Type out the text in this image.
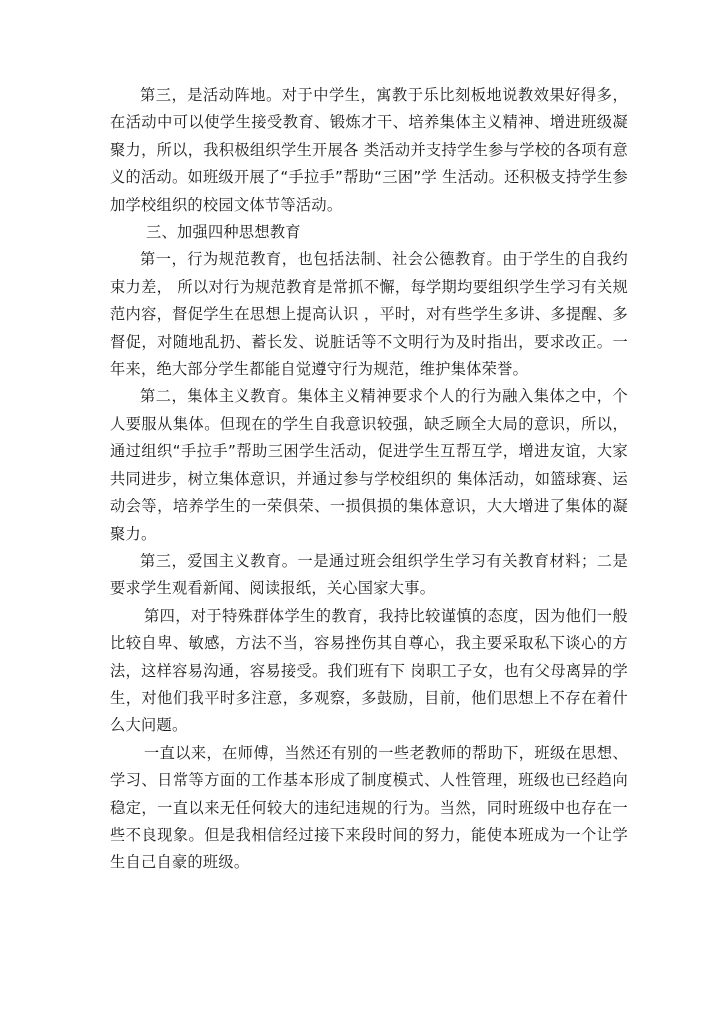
第三，是活动阵地。对于中学生，寓教于乐比刻板地说教效果好得多，在活动中可以使学生接受教育、锻炼才干、培养集体主义精神、增进班级凝聚力，所以，我积极组织学生开展各 类活动并支持学生参与学校的各项有意义的活动。如班级开展了“手拉手”帮助“三困”学 生活动。还积极支持学生参加学校组织的校园文体节等活动。

三、加强四种思想教育

第一，行为规范教育，也包括法制、社会公德教育。由于学生的自我约束力差， 所以对行为规范教育是常抓不懈，每学期均要组织学生学习有关规范内容，督促学生在思想上提高认识 ，平时，对有些学生多讲、多提醒、多督促，对随地乱扔、蓄长发、说脏话等不文明行为及时指出，要求改正。一年来，绝大部分学生都能自觉遵守行为规范，维护集体荣誉。

第二，集体主义教育。集体主义精神要求个人的行为融入集体之中，个人要服从集体。但现在的学生自我意识较强，缺乏顾全大局的意识，所以，通过组织“手拉手”帮助三困学生活动，促进学生互帮互学，增进友谊，大家共同进步，树立集体意识，并通过参与学校组织的 集体活动，如篮球赛、运动会等，培养学生的一荣俱荣、一损俱损的集体意识，大大增进了集体的凝聚力。

第三，爱国主义教育。一是通过班会组织学生学习有关教育材料；二是要求学生观看新闻、阅读报纸，关心国家大事。

第四，对于特殊群体学生的教育，我持比较谨慎的态度，因为他们一般比较自卑、敏感，方法不当，容易挫伤其自尊心，我主要采取私下谈心的方法，这样容易沟通，容易接受。我们班有下 岗职工子女，也有父母离异的学生，对他们我平时多注意，多观察，多鼓励，目前，他们思想上不存在着什么大问题。

一直以来，在师傅，当然还有别的一些老教师的帮助下，班级在思想、学习、日常等方面的工作基本形成了制度模式、人性管理，班级也已经趋向稳定，一直以来无任何较大的违纪违规的行为。当然，同时班级中也存在一些不良现象。但是我相信经过接下来段时间的努力，能使本班成为一个让学生自己自豪的班级。
